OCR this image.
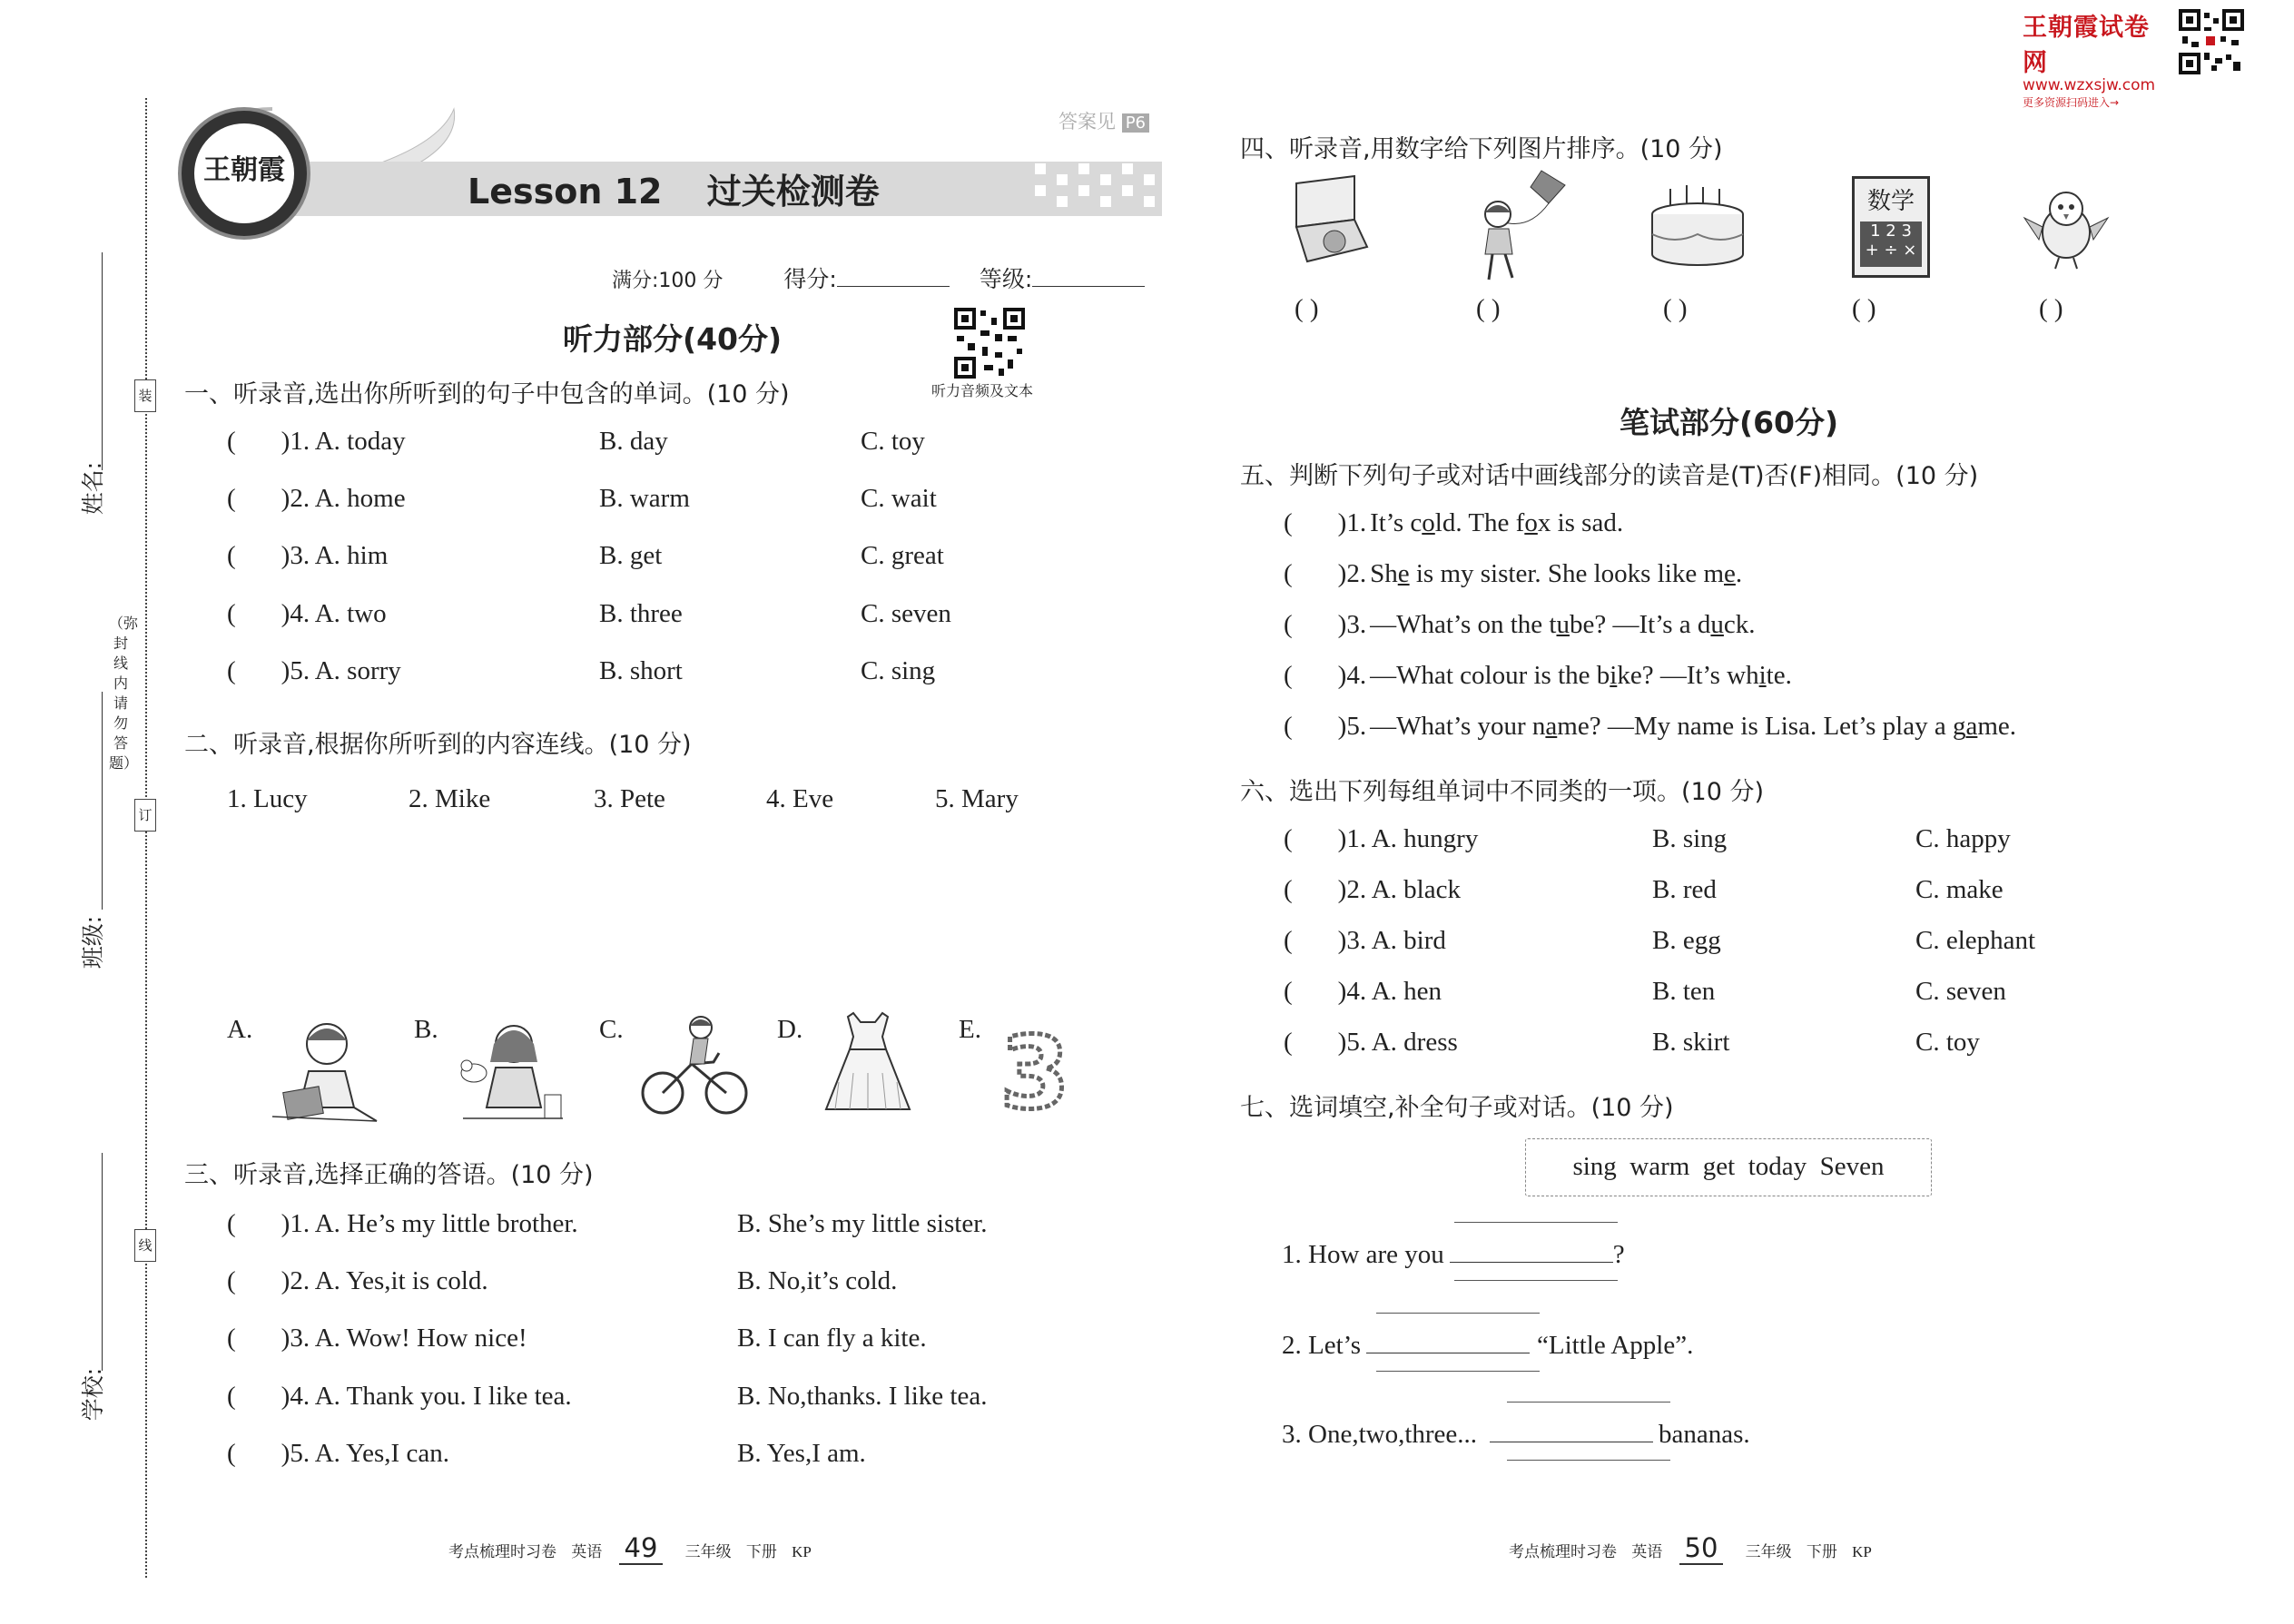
王朝霞试卷网
www.wzxsjw.com
更多资源扫码进入→
装
订
线
（弥封线内请勿答题）
姓名:
班级:
学校:
王朝霞
答案见 P6
Lesson 12 过关检测卷
满分:100 分	得分:	等级:
听力部分(40分)
听力音频及文本
一、听录音,选出你所听到的句子中包含的单词。(10 分)
( )1. A. today	B. day	C. toy
( )2. A. home	B. warm	C. wait
( )3. A. him	B. get	C. great
( )4. A. two	B. three	C. seven
( )5. A. sorry	B. short	C. sing
二、听录音,根据你所听到的内容连线。(10 分)
1. Lucy	2. Mike	3. Pete	4. Eve	5. Mary
A.	B.	C.	D.	E. 3
三、听录音,选择正确的答语。(10 分)
( )1. A. He’s my little brother.	B. She’s my little sister.
( )2. A. Yes,it is cold.	B. No,it’s cold.
( )3. A. Wow! How nice!	B. I can fly a kite.
( )4. A. Thank you. I like tea.	B. No,thanks. I like tea.
( )5. A. Yes,I can.	B. Yes,I am.
考点梳理时习卷 英语 49 三年级 下册 KP
四、听录音,用数字给下列图片排序。(10 分)
数学
1 2 3
+ ÷ ×
( )	( )	( )	( )	( )
笔试部分(60分)
五、判断下列句子或对话中画线部分的读音是(T)否(F)相同。(10 分)
( )1. It’s cold. The fox is sad.
( )2. She is my sister. She looks like me.
( )3. —What’s on the tube? —It’s a duck.
( )4. —What colour is the bike? —It’s white.
( )5. —What’s your name? —My name is Lisa. Let’s play a game.
六、选出下列每组单词中不同类的一项。(10 分)
( )1. A. hungry	B. sing	C. happy
( )2. A. black	B. red	C. make
( )3. A. bird	B. egg	C. elephant
( )4. A. hen	B. ten	C. seven
( )5. A. dress	B. skirt	C. toy
七、选词填空,补全句子或对话。(10 分)
sing  warm  get  today  Seven
1. How are you	?
2. Let’s	“Little Apple”.
3. One,two,three...	bananas.
考点梳理时习卷 英语 50 三年级 下册 KP
